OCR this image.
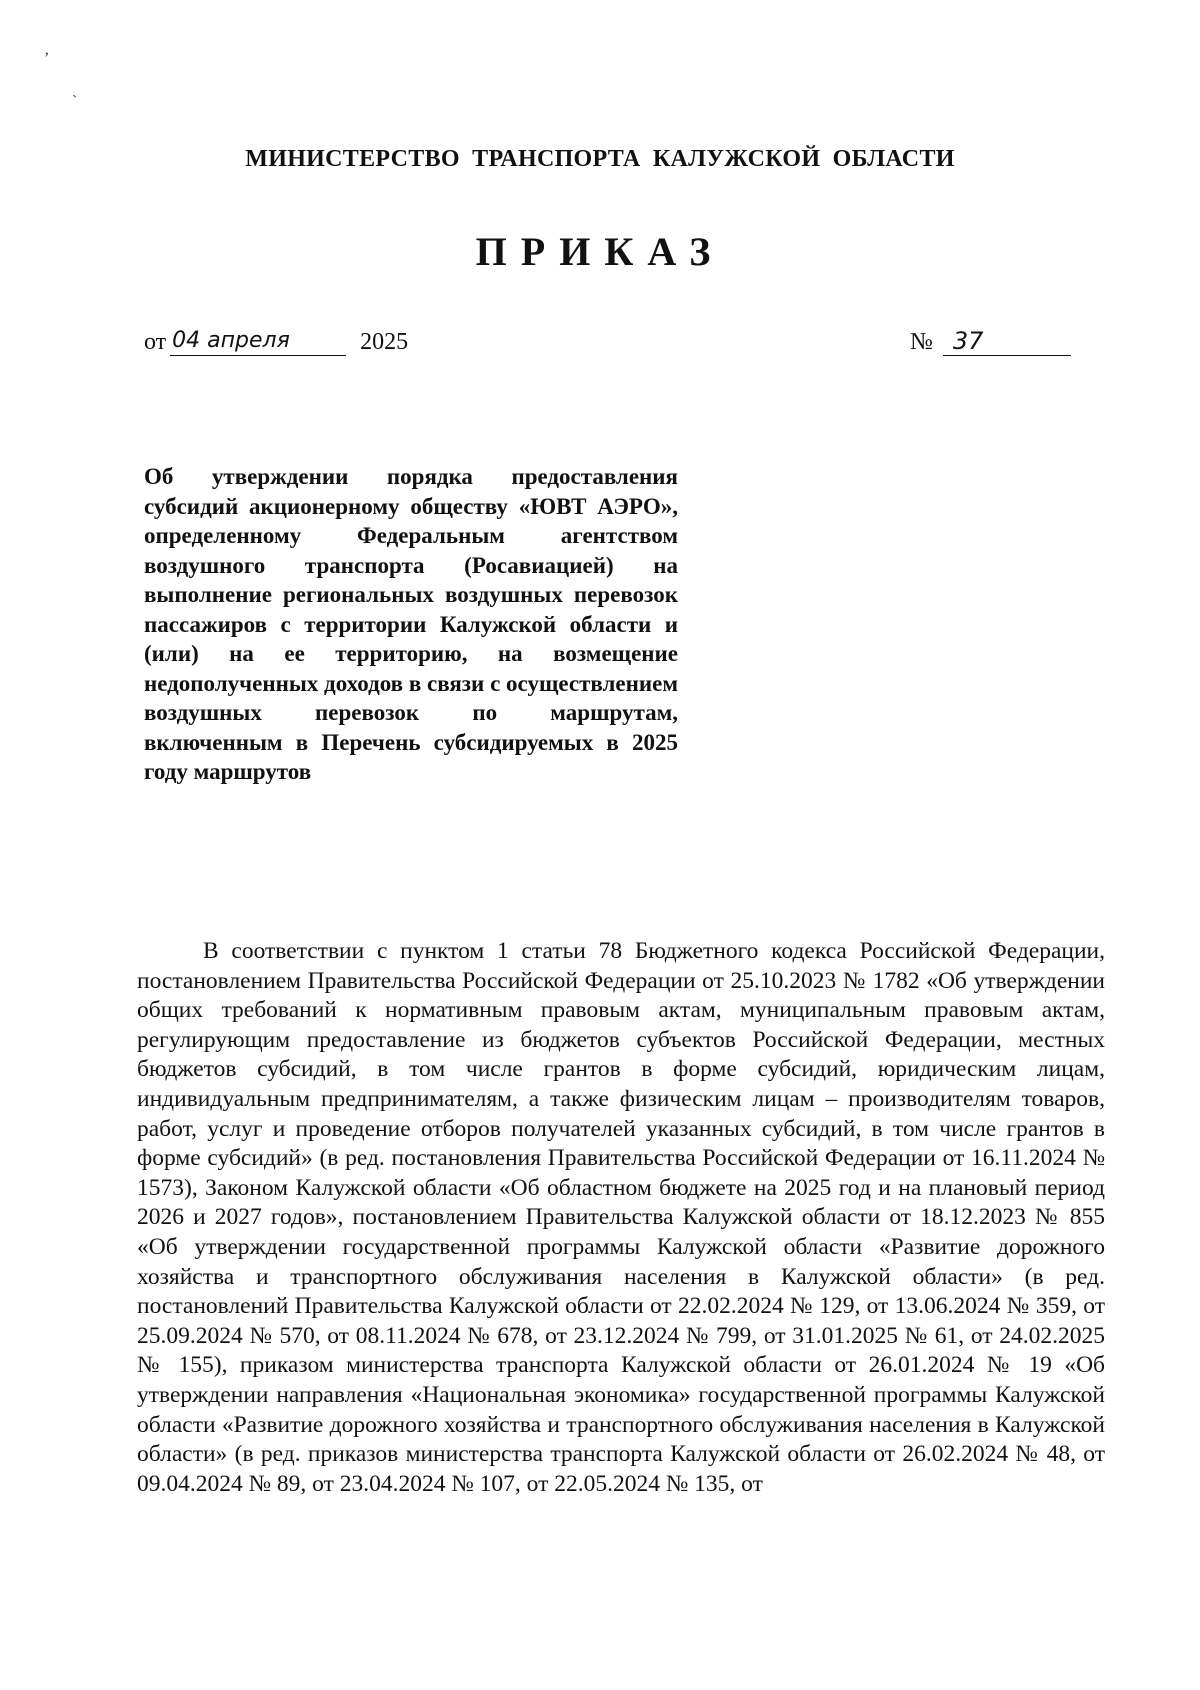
ʼ
˴
МИНИСТЕРСТВО ТРАНСПОРТА КАЛУЖСКОЙ ОБЛАСТИ
ПРИКАЗ
от 04 апреля	2025	№ 37
Об утверждении порядка предоставления субсидий акционерному обществу «ЮВТ АЭРО», определенному Федеральным агентством воздушного транспорта (Росавиацией) на выполнение региональных воздушных перевозок пассажиров с территории Калужской области и (или) на ее территорию, на возмещение недополученных доходов в связи с осуществлением воздушных перевозок по маршрутам, включенным в Перечень субсидируемых в 2025 году маршрутов
В соответствии с пунктом 1 статьи 78 Бюджетного кодекса Российской Федерации, постановлением Правительства Российской Федерации от 25.10.2023 № 1782 «Об утверждении общих требований к нормативным правовым актам, муниципальным правовым актам, регулирующим предоставление из бюджетов субъектов Российской Федерации, местных бюджетов субсидий, в том числе грантов в форме субсидий, юридическим лицам, индивидуальным предпринимателям, а также физическим лицам – производителям товаров, работ, услуг и проведение отборов получателей указанных субсидий, в том числе грантов в форме субсидий» (в ред. постановления Правительства Российской Федерации от 16.11.2024 № 1573), Законом Калужской области «Об областном бюджете на 2025 год и на плановый период 2026 и 2027 годов», постановлением Правительства Калужской области от 18.12.2023 № 855 «Об утверждении государственной программы Калужской области «Развитие дорожного хозяйства и транспортного обслуживания населения в Калужской области» (в ред. постановлений Правительства Калужской области от 22.02.2024 № 129, от 13.06.2024 № 359, от 25.09.2024 № 570, от 08.11.2024 № 678, от 23.12.2024 № 799, от 31.01.2025 № 61, от 24.02.2025 № 155), приказом министерства транспорта Калужской области от 26.01.2024 № 19 «Об утверждении направления «Национальная экономика» государственной программы Калужской области «Развитие дорожного хозяйства и транспортного обслуживания населения в Калужской области» (в ред. приказов министерства транспорта Калужской области от 26.02.2024 № 48, от 09.04.2024 № 89, от 23.04.2024 № 107, от 22.05.2024 № 135, от
